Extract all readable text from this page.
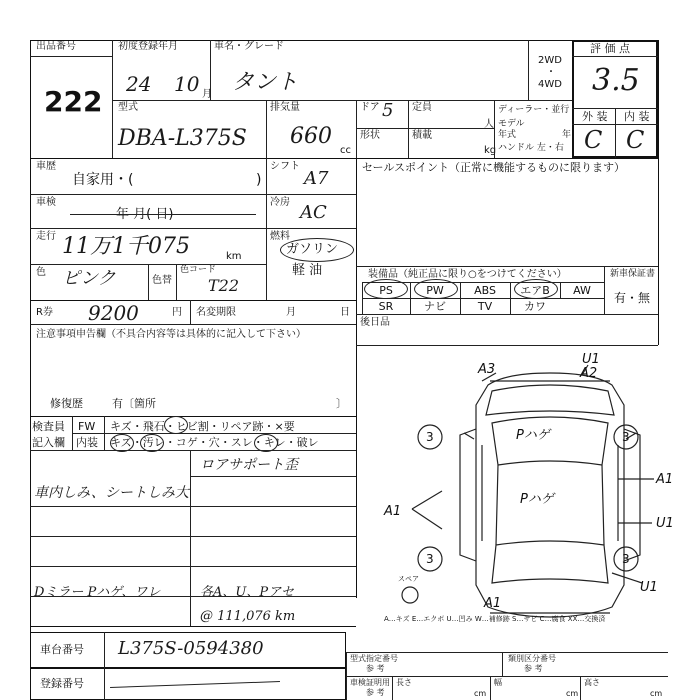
出品番号
222
初度登録年月
24 10 月
車名・グレード
タント
2WD
・
4WD
評 価 点
3.5
外 装 内 装
C C
型式
DBA-L375S
排気量
660
cc
ドア 5 定員
人
形状	積載
kg
ディーラー・並行
モデル
年式	年
ハンドル 左・右
車歴
自家用・(	)
シフト
A7
車検
年 月( 日)
冷房 AC
走行 11万1千075	km
燃料
ガソリン
軽 油
色 ピンク	色替
色コード
T22
R券 9200	円 名変期限	月	日
セールスポイント（正常に機能するものに限ります）
装備品（純正品に限り○をつけてください）	新車保証書
有・無
PS	PW	ABS	エアB	AW
SR	ナビ	TV	カワ
後日品
注意事項申告欄（不具合内容等は具体的に記入して下さい）
修復歴	有〔箇所	〕
検査員
記入欄
FW
内装
キズ・飛石・ヒビ割・リペア跡・×要
キズ・汚レ・コゲ・穴・スレ・キレ・破レ
ロアサポート歪
車内しみ、シートしみ大
Dミラー Pハゲ、ワレ	各A、U、Pアセ
@ 111,076 km
A3	A2
U1
Pハゲ
Pハゲ
A1
A1
U1
U1
A1
3	3
3	3
スペア
A…キズ E…エクボ U…凹み W…補修跡 S…サビ C…腐食 XX…交換済
車台番号 L375S-0594380
登録番号
型式指定番号
参 考
類別区分番号
参 考
車検証明用
参 考
長さ
cm
幅
cm
高さ
cm
